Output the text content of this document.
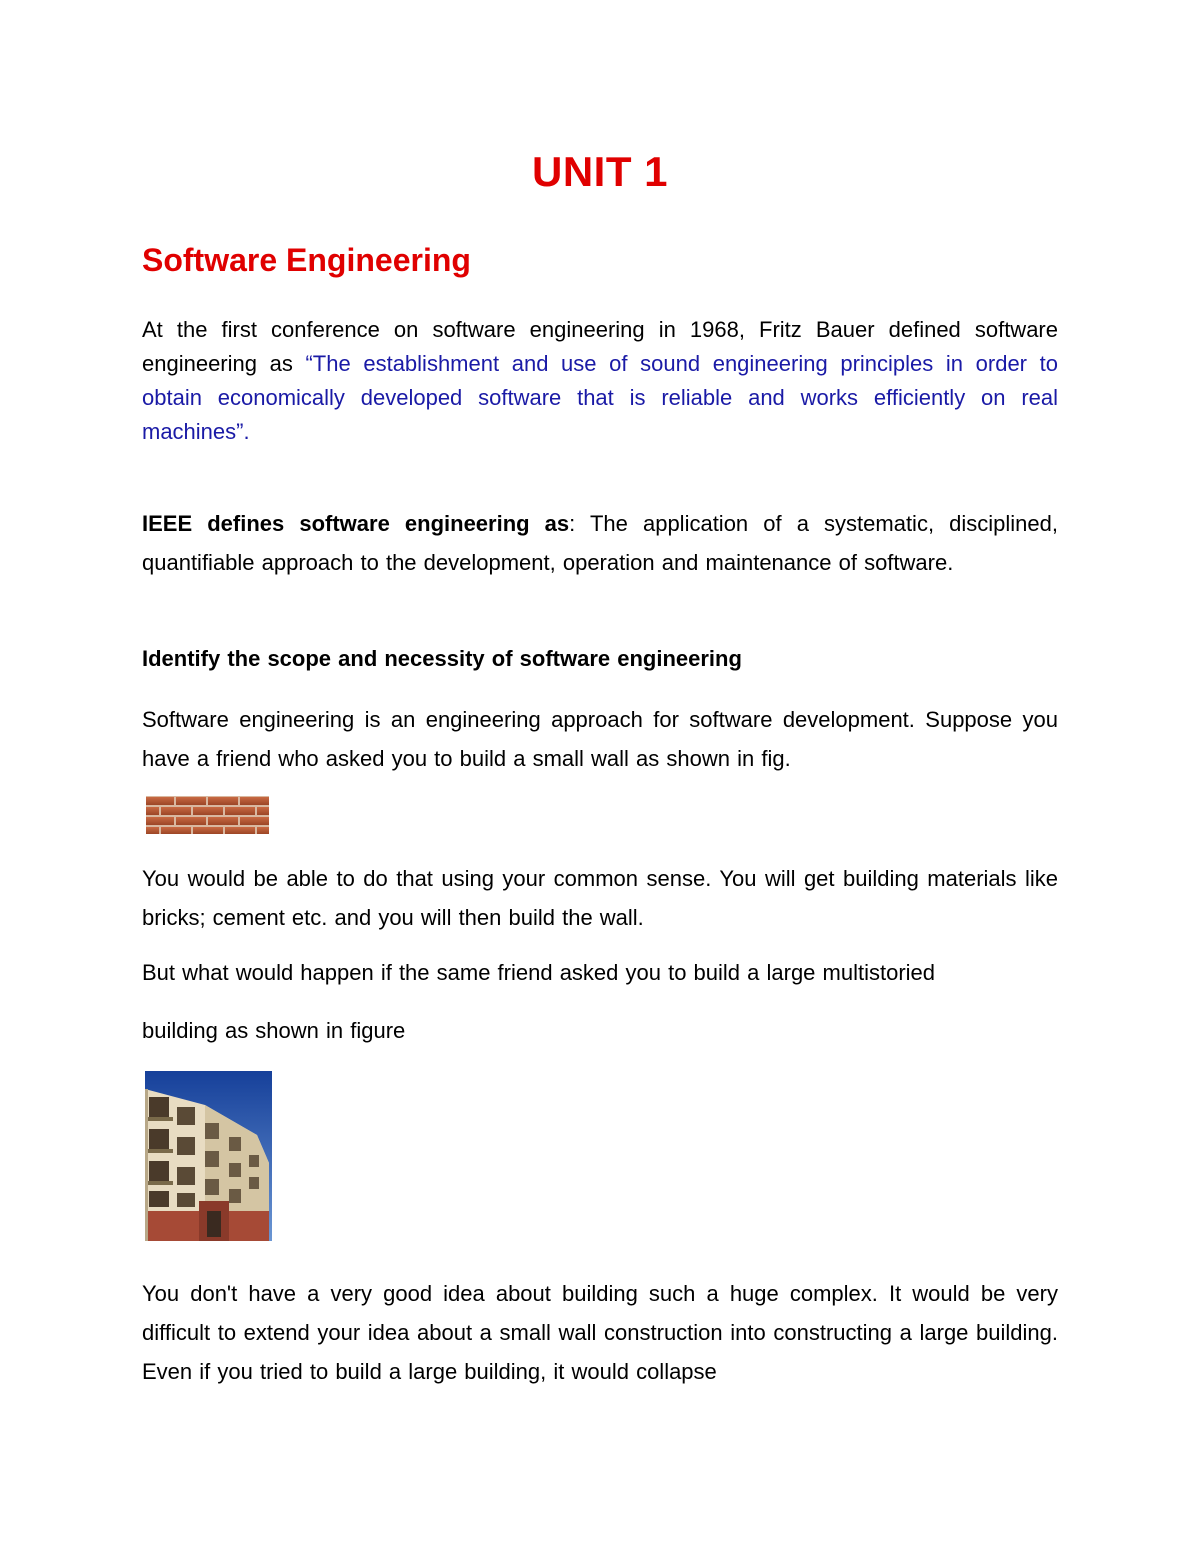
UNIT 1
Software Engineering
At the first conference on software engineering in 1968, Fritz Bauer defined software engineering as “The establishment and use of sound engineering principles in order to obtain economically developed software that is reliable and works efficiently on real machines”.
IEEE defines software engineering as: The application of a systematic, disciplined, quantifiable approach to the development, operation and maintenance of software.
Identify the scope and necessity of software engineering
Software engineering is an engineering approach for software development. Suppose you have a friend who asked you to build a small wall as shown in fig.
You would be able to do that using your common sense. You will get building materials like bricks; cement etc. and you will then build the wall.
But what would happen if the same friend asked you to build a large multistoried
building as shown in figure
You don't have a very good idea about building such a huge complex. It would be very difficult to extend your idea about a small wall construction into constructing a large building. Even if you tried to build a large building, it would collapse
